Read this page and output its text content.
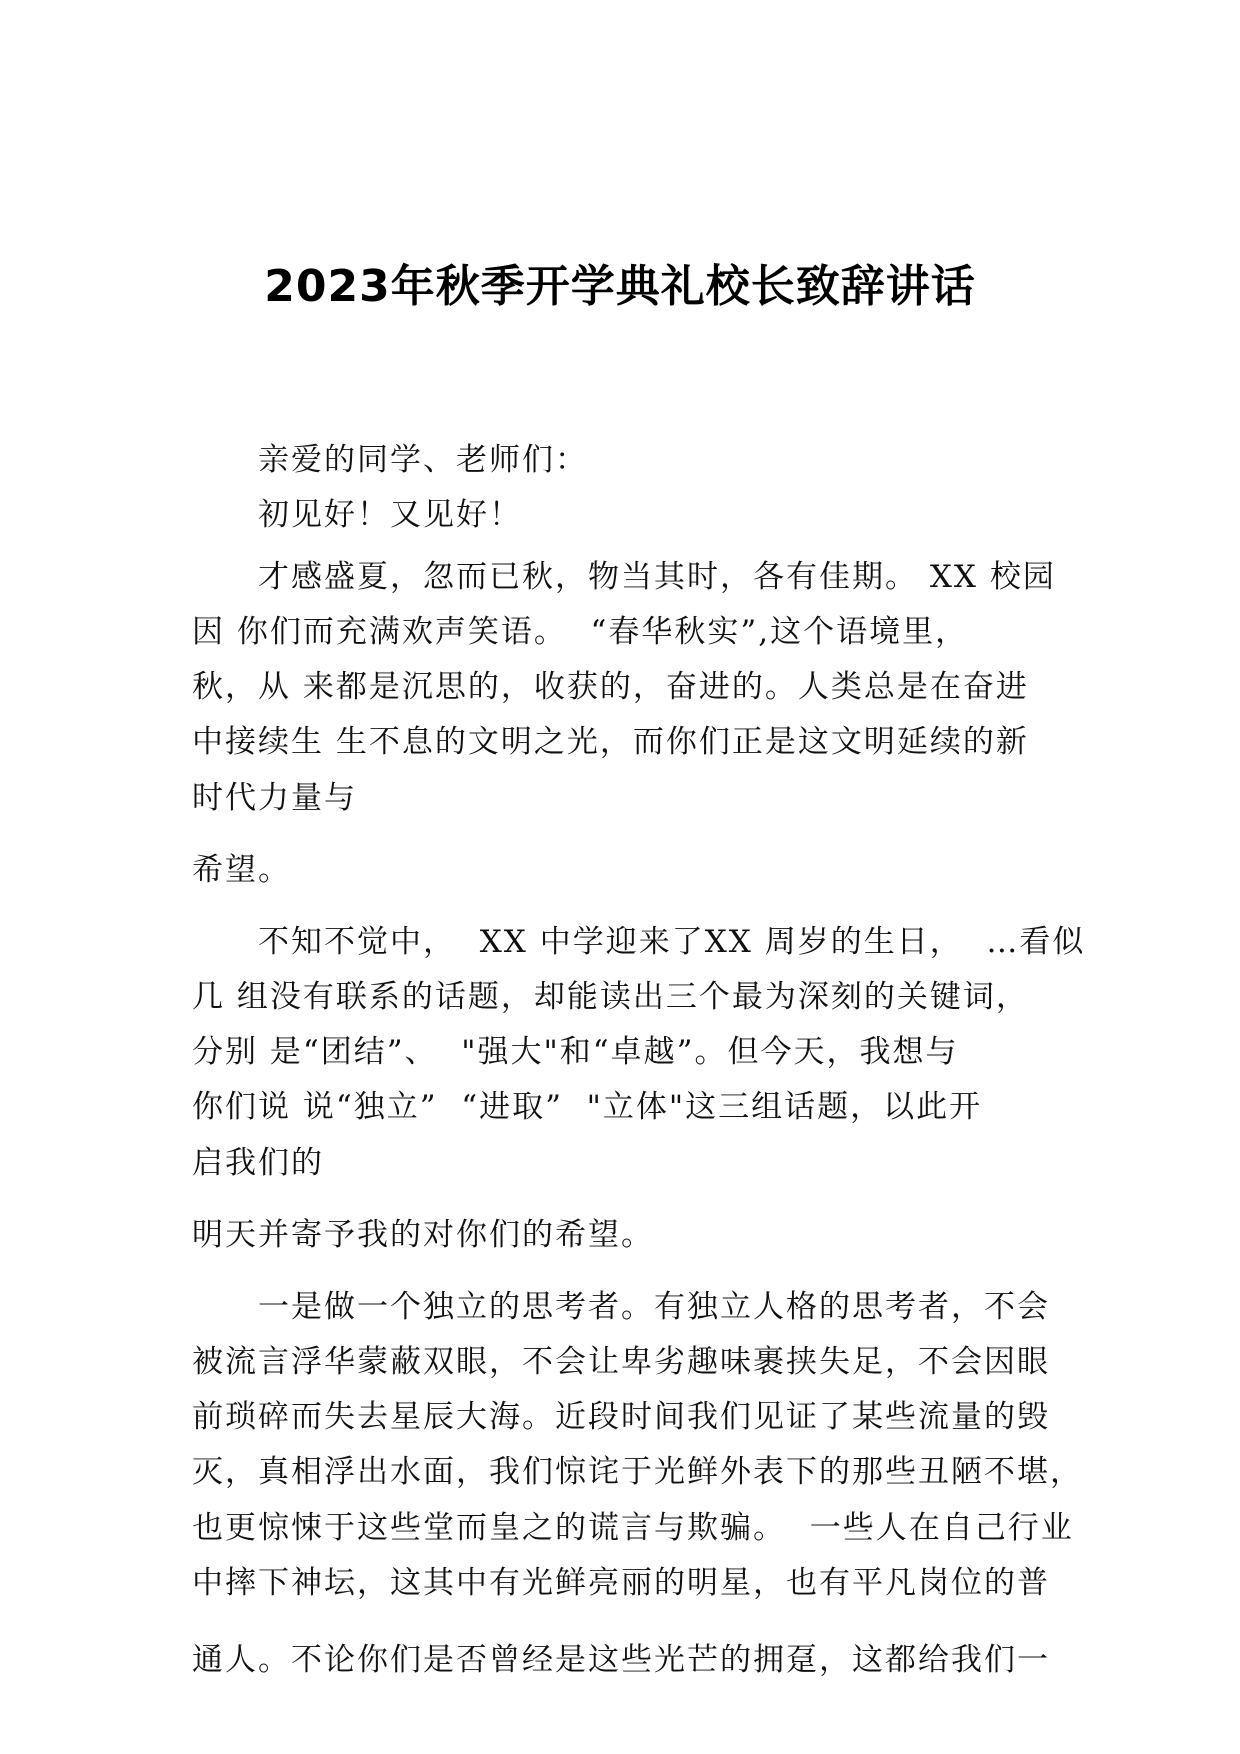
2023年秋季开学典礼校长致辞讲话
亲爱的同学、老师们：
初见好！又见好！
才感盛夏，忽而已秋，物当其时，各有佳期。 XX 校园
因 你们而充满欢声笑语。  “春华秋实”,这个语境里，
秋，从 来都是沉思的，收获的，奋进的。人类总是在奋进
中接续生 生不息的文明之光，而你们正是这文明延续的新
时代力量与
希望。
不知不觉中，  XX 中学迎来了XX 周岁的生日，  …看似
几 组没有联系的话题，却能读出三个最为深刻的关键词，
分别 是“团结”、  "强大"和“卓越”。但今天，我想与
你们说 说“独立”  “进取”  "立体"这三组话题，以此开
启我们的
明天并寄予我的对你们的希望。
一是做一个独立的思考者。有独立人格的思考者，不会
被流言浮华蒙蔽双眼，不会让卑劣趣味裹挟失足，不会因眼
前琐碎而失去星辰大海。近段时间我们见证了某些流量的毁
灭，真相浮出水面，我们惊诧于光鲜外表下的那些丑陋不堪，
也更惊悚于这些堂而皇之的谎言与欺骗。  一些人在自己行业
中摔下神坛，这其中有光鲜亮丽的明星，也有平凡岗位的普
通人。不论你们是否曾经是这些光芒的拥趸，这都给我们一
